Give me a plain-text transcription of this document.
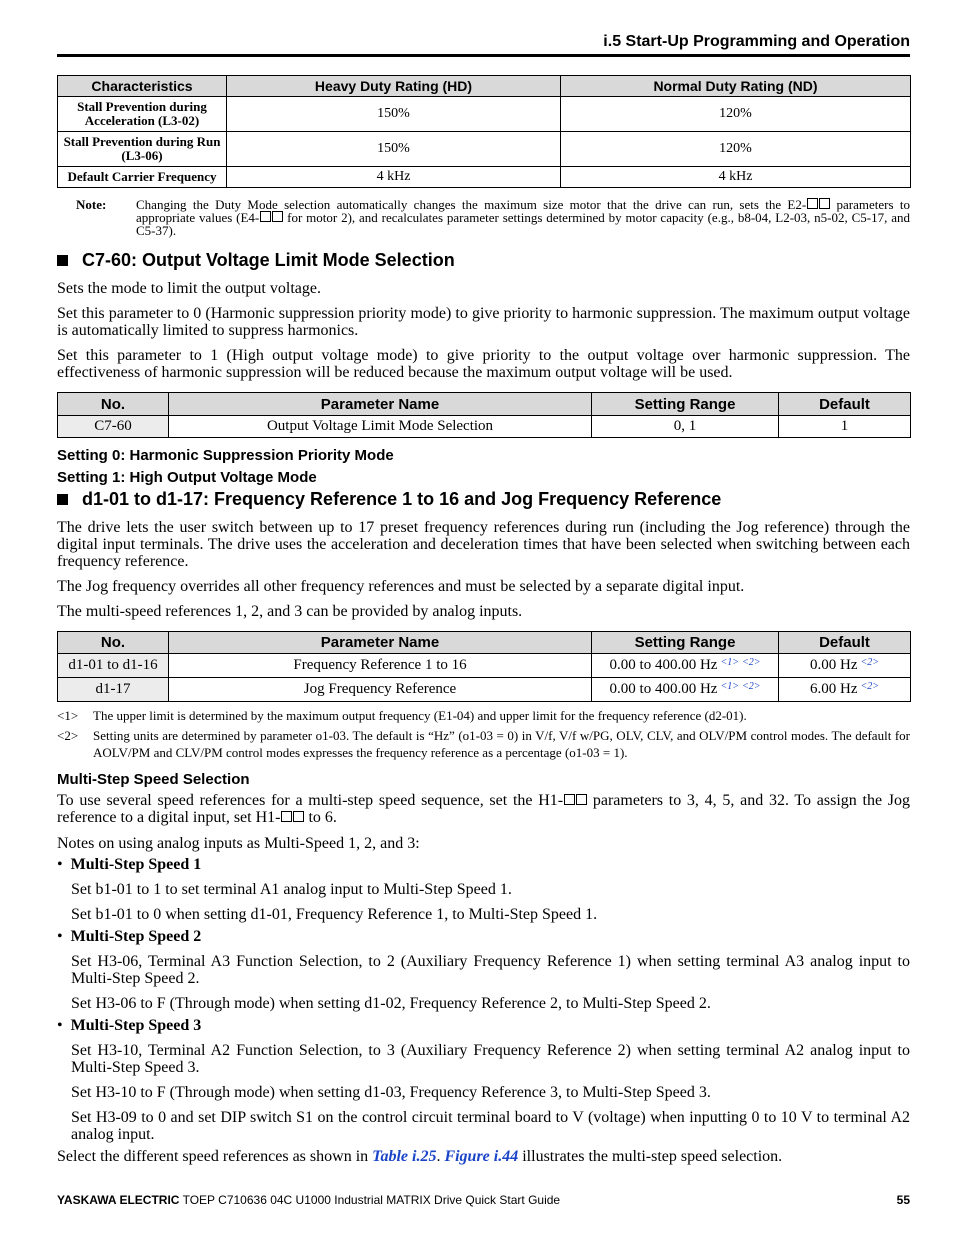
i.5 Start-Up Programming and Operation
Characteristics	Heavy Duty Rating (HD)	Normal Duty Rating (ND)
Stall Prevention during Acceleration (L3-02)	150%	120%
Stall Prevention during Run (L3-06)	150%	120%
Default Carrier Frequency	4 kHz	4 kHz
Note: Changing the Duty Mode selection automatically changes the maximum size motor that the drive can run, sets the E2- parameters to appropriate values (E4- for motor 2), and recalculates parameter settings determined by motor capacity (e.g., b8-04, L2-03, n5-02, C5-17, and C5-37).
C7-60: Output Voltage Limit Mode Selection
Sets the mode to limit the output voltage.
Set this parameter to 0 (Harmonic suppression priority mode) to give priority to harmonic suppression. The maximum output voltage is automatically limited to suppress harmonics.
Set this parameter to 1 (High output voltage mode) to give priority to the output voltage over harmonic suppression. The effectiveness of harmonic suppression will be reduced because the maximum output voltage will be used.
No.	Parameter Name	Setting Range	Default
C7-60	Output Voltage Limit Mode Selection	0, 1	1
Setting 0: Harmonic Suppression Priority Mode
Setting 1: High Output Voltage Mode
d1-01 to d1-17: Frequency Reference 1 to 16 and Jog Frequency Reference
The drive lets the user switch between up to 17 preset frequency references during run (including the Jog reference) through the digital input terminals. The drive uses the acceleration and deceleration times that have been selected when switching between each frequency reference.
The Jog frequency overrides all other frequency references and must be selected by a separate digital input.
The multi-speed references 1, 2, and 3 can be provided by analog inputs.
No.	Parameter Name	Setting Range	Default
d1-01 to d1-16	Frequency Reference 1 to 16	0.00 to 400.00 Hz $^{<1>}$ $^{<2>}$	0.00 Hz $^{<2>}$
d1-17	Jog Frequency Reference	0.00 to 400.00 Hz $^{<1>}$ $^{<2>}$	6.00 Hz $^{<2>}$
<1> The upper limit is determined by the maximum output frequency (E1-04) and upper limit for the frequency reference (d2-01).
<2> Setting units are determined by parameter o1-03. The default is “Hz” (o1-03 = 0) in V/f, V/f w/PG, OLV, CLV, and OLV/PM control modes. The default for AOLV/PM and CLV/PM control modes expresses the frequency reference as a percentage (o1-03 = 1).
Multi-Step Speed Selection
To use several speed references for a multi-step speed sequence, set the H1- parameters to 3, 4, 5, and 32. To assign the Jog reference to a digital input, set H1- to 6.
Notes on using analog inputs as Multi-Speed 1, 2, and 3:
• Multi-Step Speed 1
Set b1-01 to 1 to set terminal A1 analog input to Multi-Step Speed 1.
Set b1-01 to 0 when setting d1-01, Frequency Reference 1, to Multi-Step Speed 1.
• Multi-Step Speed 2
Set H3-06, Terminal A3 Function Selection, to 2 (Auxiliary Frequency Reference 1) when setting terminal A3 analog input to Multi-Step Speed 2.
Set H3-06 to F (Through mode) when setting d1-02, Frequency Reference 2, to Multi-Step Speed 2.
• Multi-Step Speed 3
Set H3-10, Terminal A2 Function Selection, to 3 (Auxiliary Frequency Reference 2) when setting terminal A2 analog input to Multi-Step Speed 3.
Set H3-10 to F (Through mode) when setting d1-03, Frequency Reference 3, to Multi-Step Speed 3.
Set H3-09 to 0 and set DIP switch S1 on the control circuit terminal board to V (voltage) when inputting 0 to 10 V to terminal A2 analog input.
Select the different speed references as shown in Table i.25. Figure i.44 illustrates the multi-step speed selection.
YASKAWA ELECTRIC TOEP C710636 04C U1000 Industrial MATRIX Drive Quick Start Guide	55
